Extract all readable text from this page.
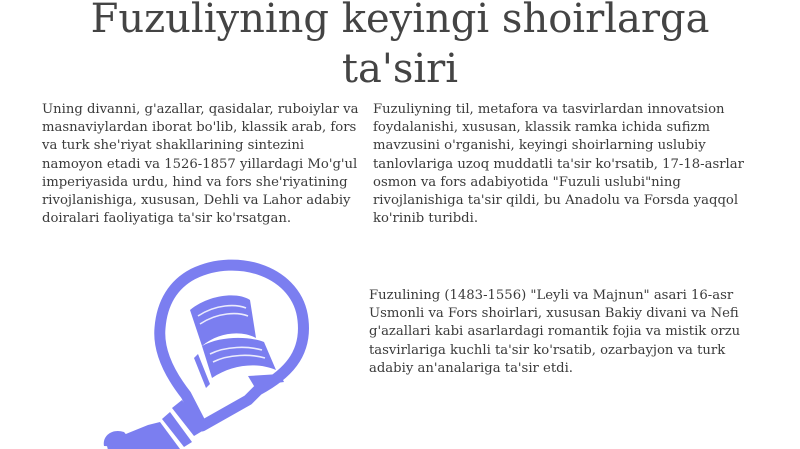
Fuzuliyning keyingi shoirlarga ta'siri

Uning divanni, g'azallar, qasidalar, ruboiylar va masnaviylardan iborat bo'lib, klassik arab, fors va turk she'riyat shakllarining sintezini namoyon etadi va 1526-1857 yillardagi Mo'g'ul imperiyasida urdu, hind va fors she'riyatining rivojlanishiga, xususan, Dehli va Lahor adabiy doiralari faoliyatiga ta'sir ko'rsatgan.

Fuzuliyning til, metafora va tasvirlardan innovatsion foydalanishi, xususan, klassik ramka ichida sufizm mavzusini o'rganishi, keyingi shoirlarning uslubiy tanlovlariga uzoq muddatli ta'sir ko'rsatib, 17-18-asrlar osmon va fors adabiyotida "Fuzuli uslubi"ning rivojlanishiga ta'sir qildi, bu Anadolu va Forsda yaqqol ko'rinib turibdi.

Fuzulining (1483-1556) "Leyli va Majnun" asari 16-asr Usmonli va Fors shoirlari, xususan Bakiy divani va Nefi g'azallari kabi asarlardagi romantik fojia va mistik orzu tasvirlariga kuchli ta'sir ko'rsatib, ozarbayjon va turk adabiy an'analariga ta'sir etdi.
